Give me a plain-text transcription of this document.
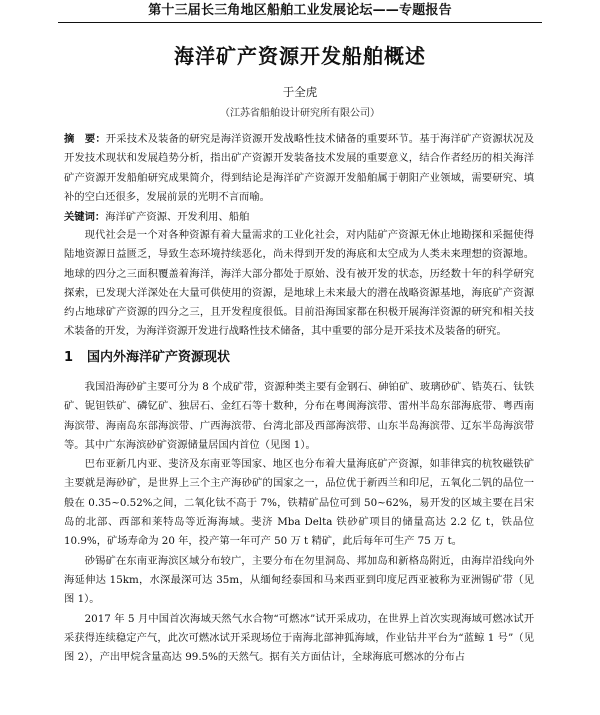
第十三届长三角地区船舶工业发展论坛——专题报告
海洋矿产资源开发船舶概述
于全虎
（江苏省船舶设计研究所有限公司）

摘　要：开采技术及装备的研究是海洋资源开发战略性技术储备的重要环节。基于海洋矿产资源状况及开发技术现状和发展趋势分析，指出矿产资源开发装备技术发展的重要意义，结合作者经历的相关海洋矿产资源开发船舶研究成果简介，得到结论是海洋矿产资源开发船舶属于朝阳产业领域，需要研究、填补的空白还很多，发展前景的光明不言而喻。

关键词：海洋矿产资源、开发利用、船舶

现代社会是一个对各种资源有着大量需求的工业化社会，对内陆矿产资源无休止地勘探和采掘使得陆地资源日益匮乏，导致生态环境持续恶化，尚未得到开发的海底和太空成为人类未来理想的资源地。地球的四分之三面积覆盖着海洋，海洋大部分都处于原始、没有被开发的状态，历经数十年的科学研究探索，已发现大洋深处在大量可供使用的资源，是地球上未来最大的潜在战略资源基地，海底矿产资源约占地球矿产资源的四分之三，且开发程度很低。目前沿海国家都在积极开展海洋资源的研究和相关技术装备的开发，为海洋资源开发进行战略性技术储备，其中重要的部分是开采技术及装备的研究。

1 国内外海洋矿产资源现状

我国沿海砂矿主要可分为 8 个成矿带，资源种类主要有金钢石、砷铂矿、玻璃砂矿、锆英石、钛铁矿、铌钽铁矿、磷钇矿、独居石、金红石等十数种，分布在粤闽海滨带、雷州半岛东部海底带、粤西南海滨带、海南岛东部海滨带、广西海滨带、台湾北部及西部海滨带、山东半岛海滨带、辽东半岛海滨带等。其中广东海滨砂矿资源储量居国内首位（见图 1）。

巴布亚新几内亚、斐济及东南亚等国家、地区也分布着大量海底矿产资源，如菲律宾的杭牧磁铁矿主要就是海砂矿，是世界上三个主产海砂矿的国家之一，品位优于新西兰和印尼，五氧化二钒的品位一般在 0.35~0.52%之间，二氧化钛不高于 7%，铁精矿品位可到 50~62%，易开发的区域主要在吕宋岛的北部、西部和莱特岛等近海海域。斐济 Mba Delta 铁砂矿项目的储量高达 2.2 亿 t，铁品位 10.9%，矿场寿命为 20 年，投产第一年可产 50 万 t 精矿，此后每年可生产 75 万 t。

砂锡矿在东南亚海滨区域分布较广，主要分布在勿里洞岛、邦加岛和新格岛附近，由海岸沿线向外海延伸达 15km，水深最深可达 35m，从缅甸经泰国和马来西亚到印度尼西亚被称为亚洲锡矿带（见图 1）。

2017 年 5 月中国首次海域天然气水合物“可燃冰”试开采成功，在世界上首次实现海域可燃冰试开采获得连续稳定产气，此次可燃冰试开采现场位于南海北部神狐海域，作业钻井平台为“蓝鲸 1 号”（见图 2），产出甲烷含量高达 99.5%的天然气。据有关方面估计，全球海底可燃冰的分布占
